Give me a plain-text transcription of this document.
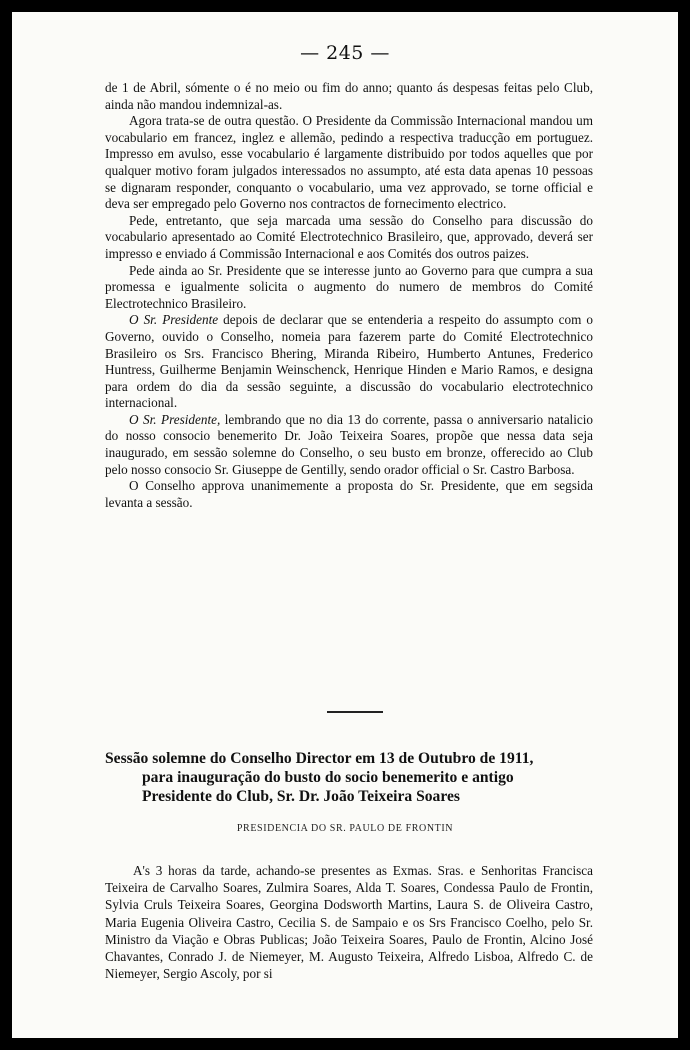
— 245 —

de 1 de Abril, sómente o é no meio ou fim do anno; quanto ás despesas feitas pelo Club, ainda não mandou indemnizal-as.

Agora trata-se de outra questão. O Presidente da Commissão Internacional mandou um vocabulario em francez, inglez e allemão, pedindo a respectiva traducção em portuguez. Impresso em avulso, esse vocabulario é largamente distribuido por todos aquelles que por qualquer motivo foram julgados interessados no assumpto, até esta data apenas 10 pessoas se dignaram responder, conquanto o vocabulario, uma vez approvado, se torne official e deva ser empregado pelo Governo nos contractos de fornecimento electrico.

Pede, entretanto, que seja marcada uma sessão do Conselho para discussão do vocabulario apresentado ao Comité Electrotechnico Brasileiro, que, approvado, deverá ser impresso e enviado á Commissão Internacional e aos Comités dos outros paizes.

Pede ainda ao Sr. Presidente que se interesse junto ao Governo para que cumpra a sua promessa e igualmente solicita o augmento do numero de membros do Comité Electrotechnico Brasileiro.

O Sr. Presidente depois de declarar que se entenderia a respeito do assumpto com o Governo, ouvido o Conselho, nomeia para fazerem parte do Comité Electrotechnico Brasileiro os Srs. Francisco Bhering, Miranda Ribeiro, Humberto Antunes, Frederico Huntress, Guilherme Benjamin Weinschenck, Henrique Hinden e Mario Ramos, e designa para ordem do dia da sessão seguinte, a discussão do vocabulario electrotechnico internacional.

O Sr. Presidente, lembrando que no dia 13 do corrente, passa o anniversario natalicio do nosso consocio benemerito Dr. João Teixeira Soares, propõe que nessa data seja inaugurado, em sessão solemne do Conselho, o seu busto em bronze, offerecido ao Club pelo nosso consocio Sr. Giuseppe de Gentilly, sendo orador official o Sr. Castro Barbosa.

O Conselho approva unanimemente a proposta do Sr. Presidente, que em segsida levanta a sessão.

Sessão solemne do Conselho Director em 13 de Outubro de 1911,
para inauguração do busto do socio benemerito e antigo
Presidente do Club, Sr. Dr. João Teixeira Soares
PRESIDENCIA DO SR. PAULO DE FRONTIN

A's 3 horas da tarde, achando-se presentes as Exmas. Sras. e Senhoritas Francisca Teixeira de Carvalho Soares, Zulmira Soares, Alda T. Soares, Condessa Paulo de Frontin, Sylvia Cruls Teixeira Soares, Georgina Dodsworth Martins, Laura S. de Oliveira Castro, Maria Eugenia Oliveira Castro, Cecilia S. de Sampaio e os Srs Francisco Coelho, pelo Sr. Ministro da Viação e Obras Publicas; João Teixeira Soares, Paulo de Frontin, Alcino José Chavantes, Conrado J. de Niemeyer, M. Augusto Teixeira, Alfredo Lisboa, Alfredo C. de Niemeyer, Sergio Ascoly, por si
